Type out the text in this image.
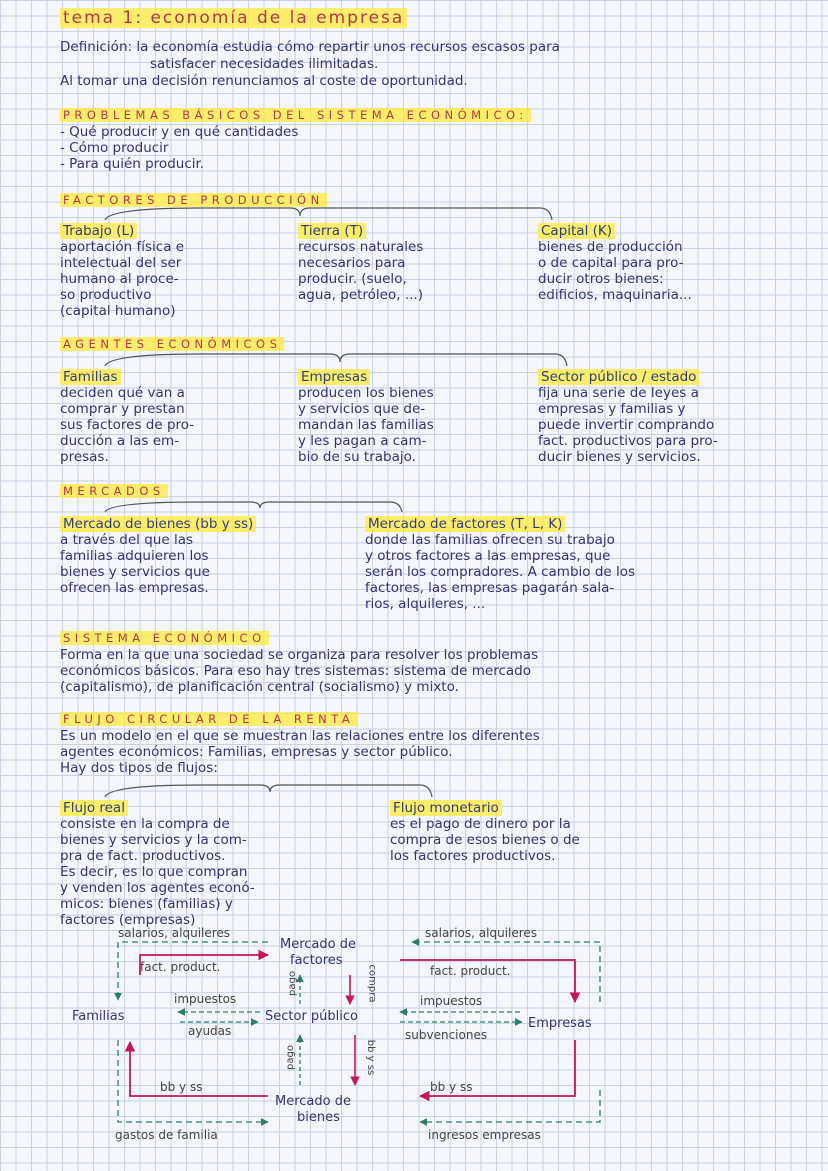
tema 1: economía de la empresa
Definición: la economía estudia cómo repartir unos recursos escasos para
satisfacer necesidades ilimitadas.
Al tomar una decisión renunciamos al coste de oportunidad.
PROBLEMAS BÁSICOS DEL SISTEMA ECONÓMICO:
- Qué producir y en qué cantidades
- Cómo producir
- Para quién producir.
FACTORES DE PRODUCCIÓN
Trabajo (L)
aportación física e
intelectual del ser
humano al proce-
so productivo
(capital humano)
Tierra (T)
recursos naturales
necesarios para
producir. (suelo,
agua, petróleo, ...)
Capital (K)
bienes de producción
o de capital para pro-
ducir otros bienes:
edificios, maquinaria...
AGENTES ECONÓMICOS
Familias
deciden qué van a
comprar y prestan
sus factores de pro-
ducción a las em-
presas.
Empresas
producen los bienes
y servicios que de-
mandan las familias
y les pagan a cam-
bio de su trabajo.
Sector público / estado
fija una serie de leyes a
empresas y familias y
puede invertir comprando
fact. productivos para pro-
ducir bienes y servicios.
MERCADOS
Mercado de bienes (bb y ss)
a través del que las
familias adquieren los
bienes y servicios que
ofrecen las empresas.
Mercado de factores (T, L, K)
donde las familias ofrecen su trabajo
y otros factores a las empresas, que
serán los compradores. A cambio de los
factores, las empresas pagarán sala-
rios, alquileres, ...
SISTEMA ECONÓMICO
Forma en la que una sociedad se organiza para resolver los problemas
económicos básicos. Para eso hay tres sistemas: sistema de mercado
(capitalismo), de planificación central (socialismo) y mixto.
FLUJO CIRCULAR DE LA RENTA
Es un modelo en el que se muestran las relaciones entre los diferentes
agentes económicos: Familias, empresas y sector público.
Hay dos tipos de flujos:
Flujo real
consiste en la compra de
bienes y servicios y la com-
pra de fact. productivos.
Es decir, es lo que compran
y venden los agentes econó-
micos: bienes (familias) y
factores (empresas)
Flujo monetario
es el pago de dinero por la
compra de esos bienes o de
los factores productivos.
Mercado de
factores
Familias	Sector público	Empresas
Mercado de
bienes
salarios, alquileres	salarios, alquileres
fact. product.	fact. product.
impuestos	impuestos
ayudas	subvenciones
bb y ss	bb y ss
gastos de familia	ingresos empresas
pago	compra
pago	bb y ss
